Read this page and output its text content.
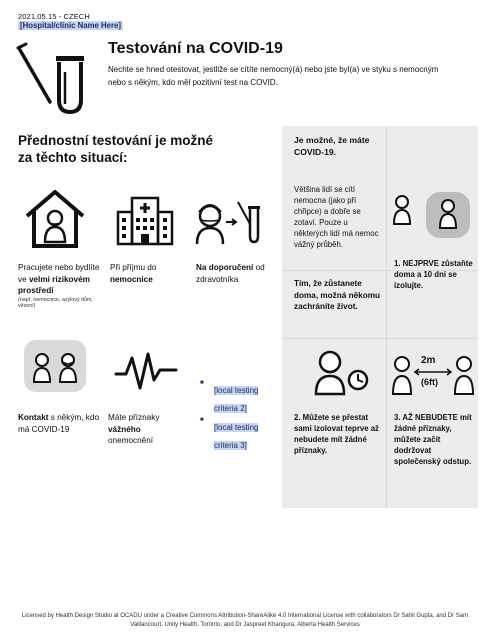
2021.05.15 - CZECH
[Hospital/clinic Name Here]
Testování na COVID-19
Nechte se hned otestovat, jestliže se cítíte nemocný(á) nebo jste byl(a) ve styku s nemocným nebo s někým, kdo měl pozitivní test na COVID.
Přednostní testování je možné
za těchto situací:
Pracujete nebo bydlíte ve velmi rizikovém prostředí
(např. nemocnice, azylový dům, vězení)
Při příjmu do nemocnice
Na doporučení od zdravotníka
Kontakt s někým, kdo má COVID-19
Máte příznaky vážného onemocnění
■ [local testing criteria 2]
■ [local testing criteria 3]
Je možné, že máte COVID-19.
Většina lidí se cítí nemocna (jako při chřipce) a dobře se zotaví. Pouze u některých lidí má nemoc vážný průběh.
1. NEJPRVE zůstaňte doma a 10 dní se izolujte.
Tím, že zůstanete doma, možná někomu zachráníte život.
2. Můžete se přestat sami izolovat teprve až nebudete mít žádné příznaky.
2m
(6ft)
3. AŽ NEBUDETE mít žádné příznaky, můžete začít dodržovat společenský odstup.
Licensed by Health Design Studio at OCADU under a Creative Commons Attribution-ShareAlike 4.0 International License with collaborators Dr Sahil Gupta, and Dr Sam Vaillancourt, Unity Health, Toronto, and Dr Jaspreet Khangura, Alberta Health Services
